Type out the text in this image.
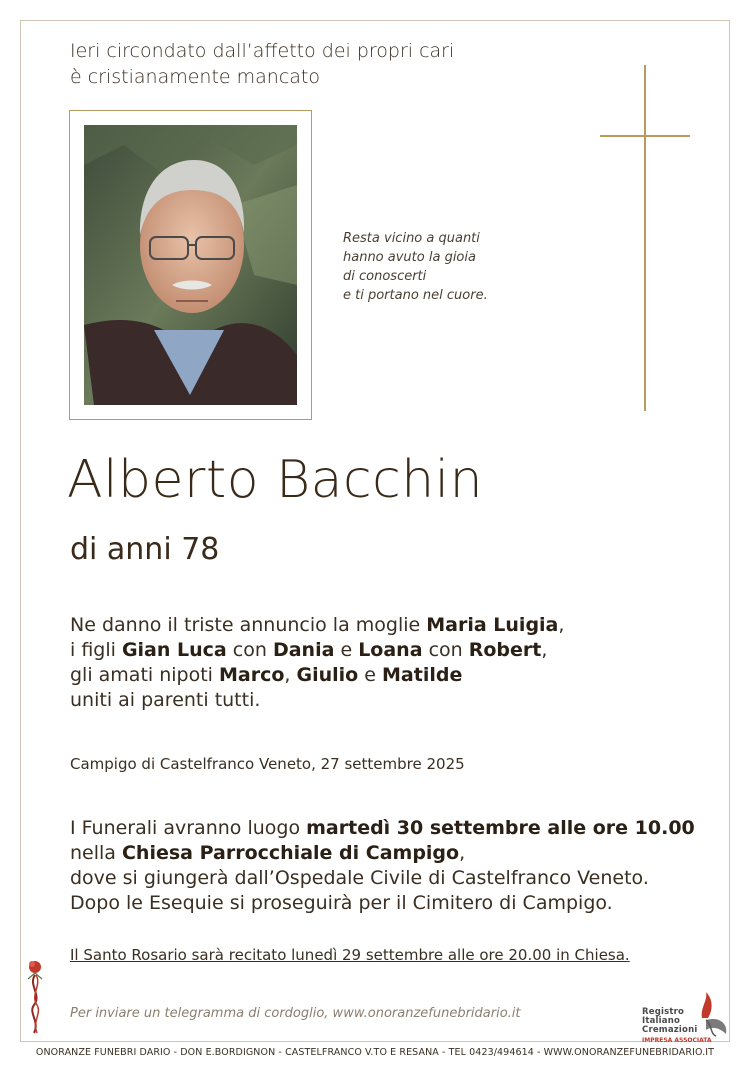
Ieri circondato dall’affetto dei propri cari
è cristianamente mancato
Resta vicino a quanti
hanno avuto la gioia
di conoscerti
e ti portano nel cuore.
Alberto Bacchin
di anni 78
Ne danno il triste annuncio la moglie Maria Luigia,
i figli Gian Luca con Dania e Loana con Robert,
gli amati nipoti Marco, Giulio e Matilde
uniti ai parenti tutti.
Campigo di Castelfranco Veneto, 27 settembre 2025
I Funerali avranno luogo martedì 30 settembre alle ore 10.00
nella Chiesa Parrocchiale di Campigo,
dove si giungerà dall’Ospedale Civile di Castelfranco Veneto.
Dopo le Esequie si proseguirà per il Cimitero di Campigo.
Il Santo Rosario sarà recitato lunedì 29 settembre alle ore 20.00 in Chiesa.
Per inviare un telegramma di cordoglio, www.onoranzefunebridario.it	Registro
Italiano
Cremazioni
IMPRESA ASSOCIATA
ONORANZE FUNEBRI DARIO - DON E.BORDIGNON - CASTELFRANCO V.TO E RESANA - TEL 0423/494614 - WWW.ONORANZEFUNEBRIDARIO.IT
